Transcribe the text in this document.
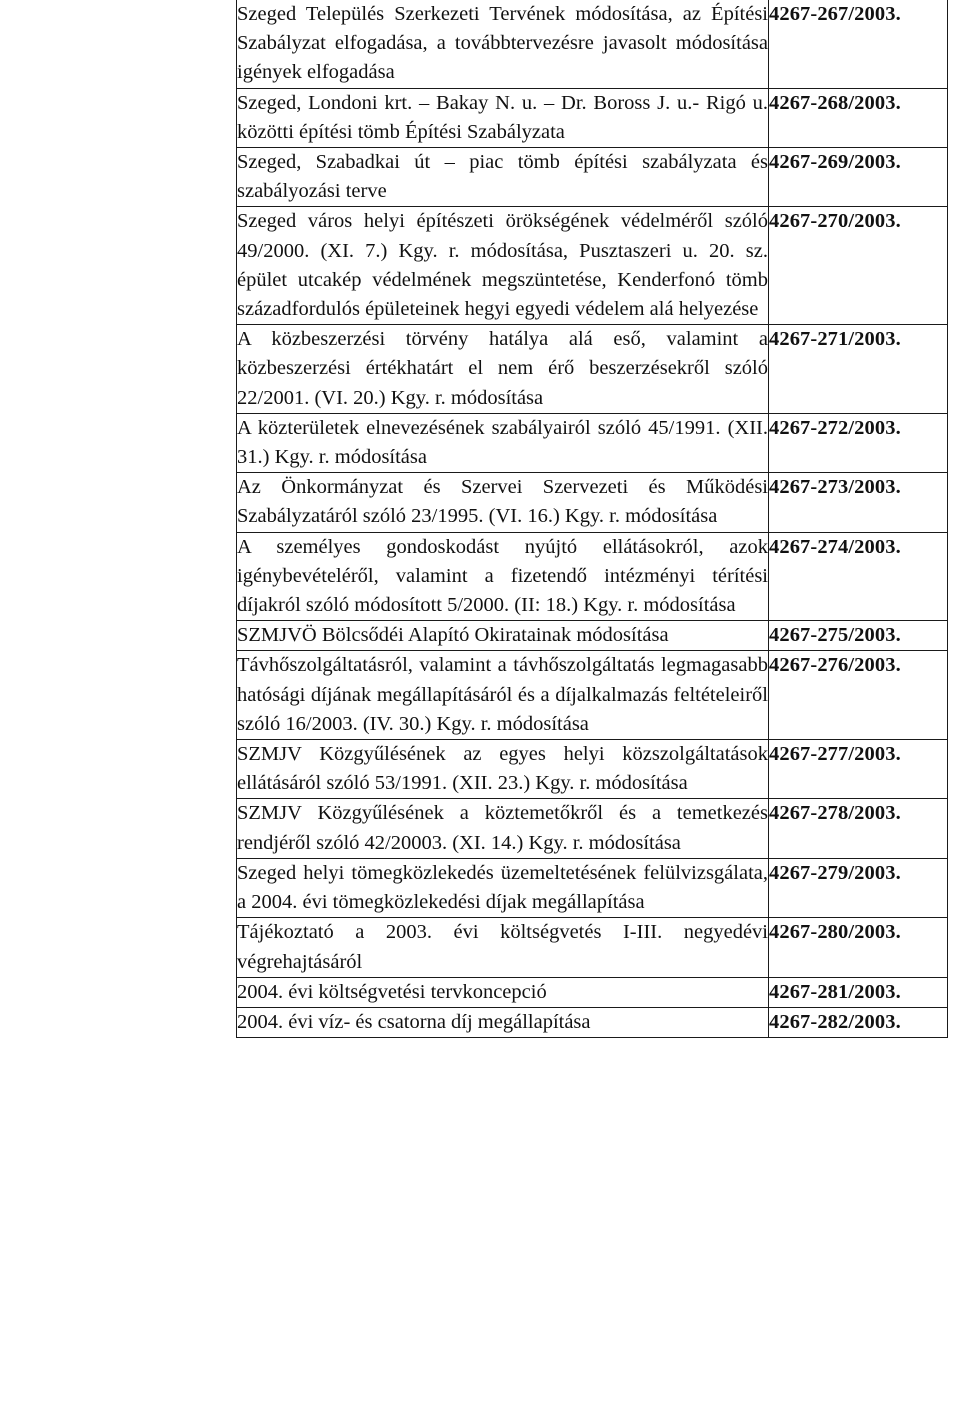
Szeged Település Szerkezeti Tervének módosítása, az Építési Szabályzat elfogadása, a továbbtervezésre javasolt módosítása igények elfogadása	4267-267/2003.
Szeged, Londoni krt. – Bakay N. u. – Dr. Boross J. u.- Rigó u. közötti építési tömb Építési Szabályzata	4267-268/2003.
Szeged, Szabadkai út – piac tömb építési szabályzata és szabályozási terve	4267-269/2003.
Szeged város helyi építészeti örökségének védelméről szóló 49/2000. (XI. 7.) Kgy. r. módosítása, Pusztaszeri u. 20. sz. épület utcakép védelmének megszüntetése, Kenderfonó tömb századfordulós épületeinek hegyi egyedi védelem alá helyezése	4267-270/2003.
A közbeszerzési törvény hatálya alá eső, valamint a közbeszerzési értékhatárt el nem érő beszerzésekről szóló 22/2001. (VI. 20.) Kgy. r. módosítása	4267-271/2003.
A közterületek elnevezésének szabályairól szóló 45/1991. (XII. 31.) Kgy. r. módosítása	4267-272/2003.
Az Önkormányzat és Szervei Szervezeti és Működési Szabályzatáról szóló 23/1995. (VI. 16.) Kgy. r. módosítása	4267-273/2003.
A személyes gondoskodást nyújtó ellátásokról, azok igénybevételéről, valamint a fizetendő intézményi térítési díjakról szóló módosított 5/2000. (II: 18.) Kgy. r. módosítása	4267-274/2003.
SZMJVÖ Bölcsődéi Alapító Okiratainak módosítása	4267-275/2003.
Távhőszolgáltatásról, valamint a távhőszolgáltatás legmagasabb hatósági díjának megállapításáról és a díjalkalmazás feltételeiről szóló 16/2003. (IV. 30.) Kgy. r. módosítása	4267-276/2003.
SZMJV Közgyűlésének az egyes helyi közszolgáltatások ellátásáról szóló 53/1991. (XII. 23.) Kgy. r. módosítása	4267-277/2003.
SZMJV Közgyűlésének a köztemetőkről és a temetkezés rendjéről szóló 42/20003. (XI. 14.) Kgy. r. módosítása	4267-278/2003.
Szeged helyi tömegközlekedés üzemeltetésének felülvizsgálata, a 2004. évi tömegközlekedési díjak megállapítása	4267-279/2003.
Tájékoztató a 2003. évi költségvetés I-III. negyedévi végrehajtásáról	4267-280/2003.
2004. évi költségvetési tervkoncepció	4267-281/2003.
2004. évi víz- és csatorna díj megállapítása	4267-282/2003.
